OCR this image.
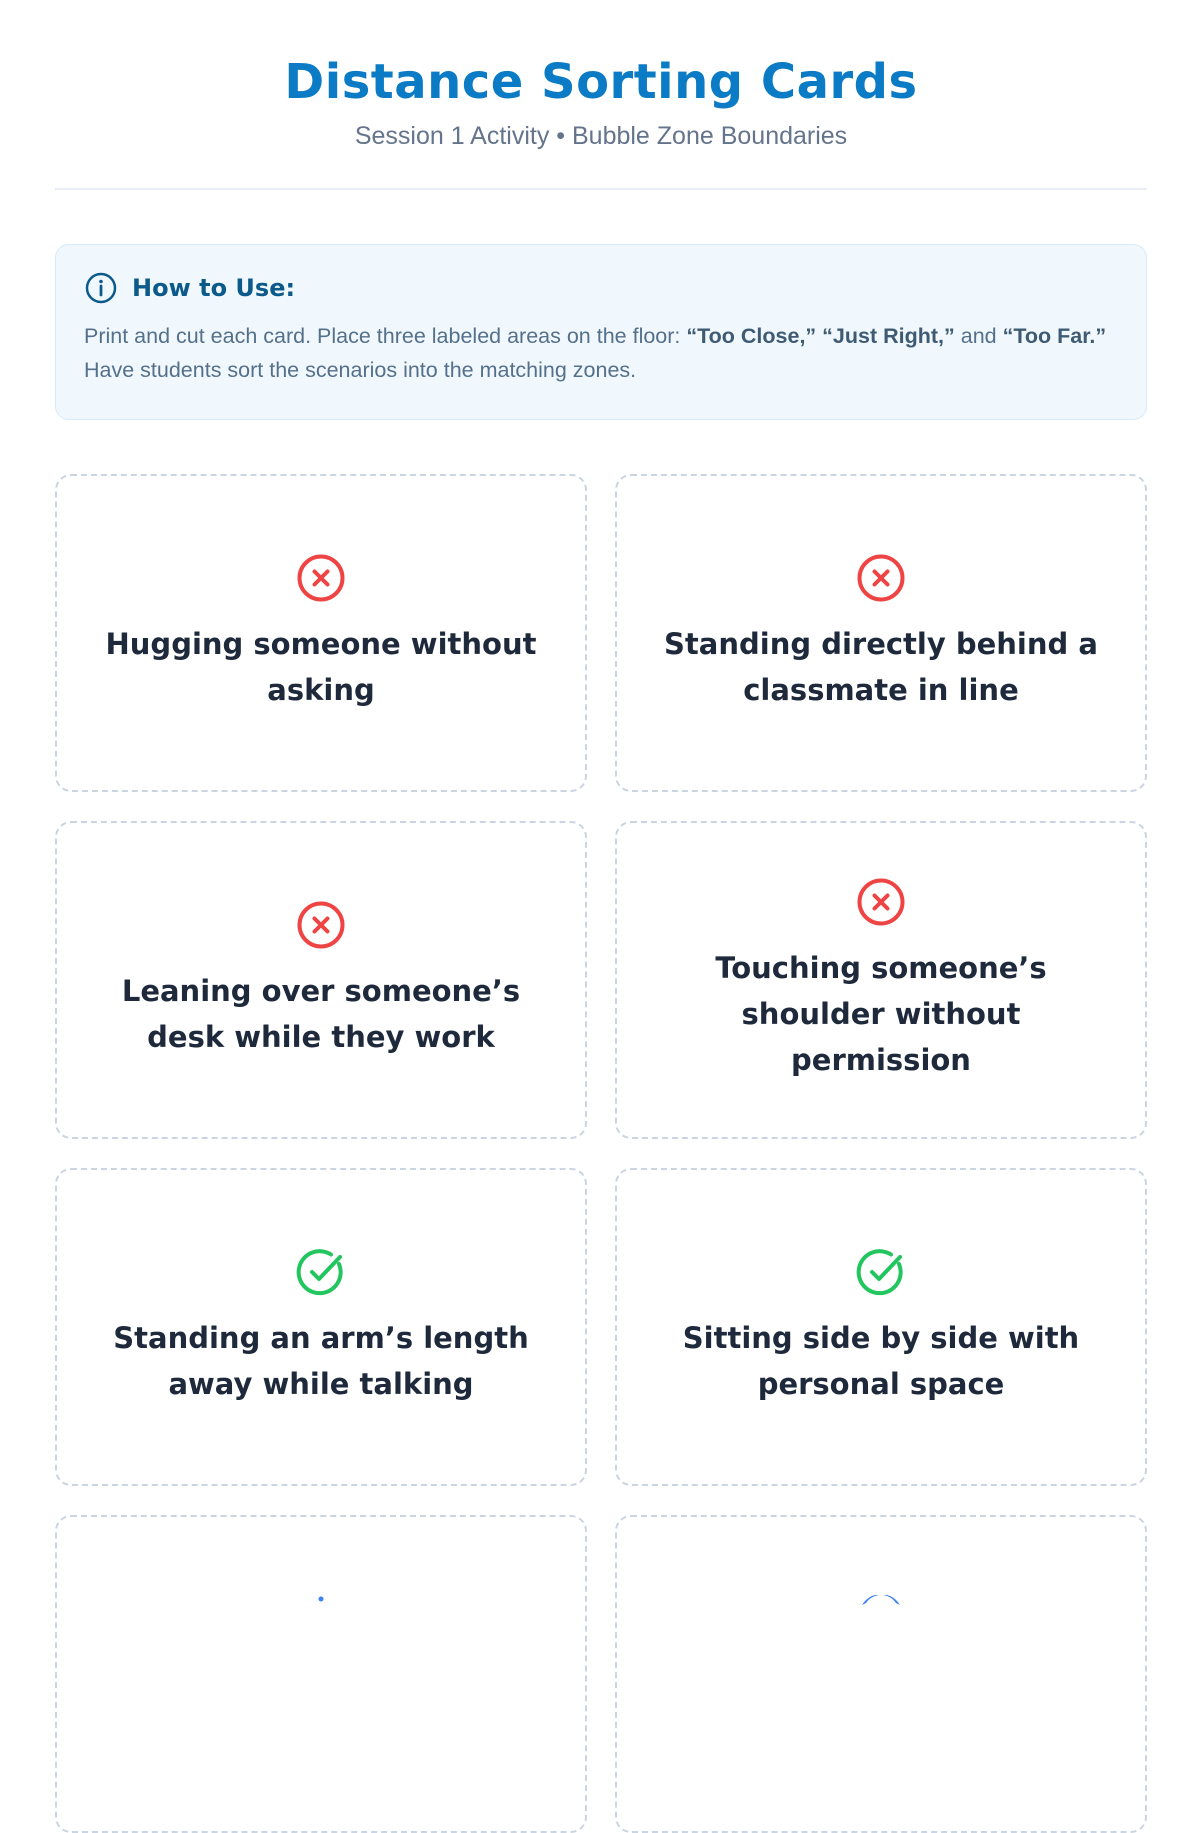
Distance Sorting Cards
Session 1 Activity • Bubble Zone Boundaries
How to Use:
Print and cut each card. Place three labeled areas on the floor: “Too Close,” “Just Right,” and “Too Far.” Have students sort the scenarios into the matching zones.
Hugging someone without asking
Standing directly behind a classmate in line
Leaning over someone’s desk while they work
Touching someone’s shoulder without permission
Standing an arm’s length away while talking
Sitting side by side with personal space
